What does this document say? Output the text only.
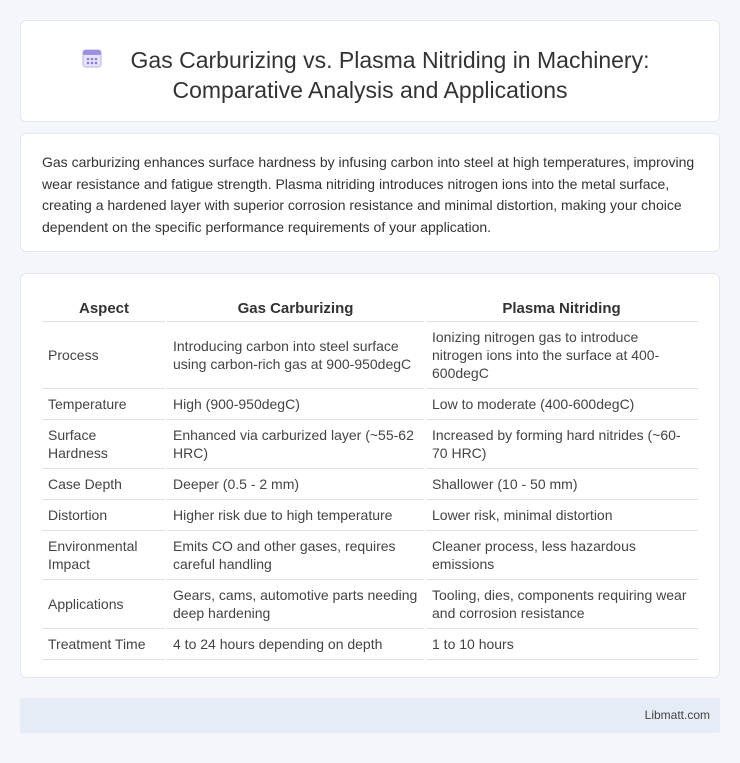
Gas Carburizing vs. Plasma Nitriding in Machinery:
Comparative Analysis and Applications

Gas carburizing enhances surface hardness by infusing carbon into steel at high temperatures, improving wear resistance and fatigue strength. Plasma nitriding introduces nitrogen ions into the metal surface, creating a hardened layer with superior corrosion resistance and minimal distortion, making your choice dependent on the specific performance requirements of your application.

Aspect	Gas Carburizing	Plasma Nitriding
Process	Introducing carbon into steel surface using carbon-rich gas at 900-950degC	Ionizing nitrogen gas to introduce nitrogen ions into the surface at 400-600degC
Temperature	High (900-950degC)	Low to moderate (400-600degC)
Surface Hardness	Enhanced via carburized layer (~55-62 HRC)	Increased by forming hard nitrides (~60-70 HRC)
Case Depth	Deeper (0.5 - 2 mm)	Shallower (10 - 50 mm)
Distortion	Higher risk due to high temperature	Lower risk, minimal distortion
Environmental Impact	Emits CO and other gases, requires careful handling	Cleaner process, less hazardous emissions
Applications	Gears, cams, automotive parts needing deep hardening	Tooling, dies, components requiring wear and corrosion resistance
Treatment Time	4 to 24 hours depending on depth	1 to 10 hours
Libmatt.com
